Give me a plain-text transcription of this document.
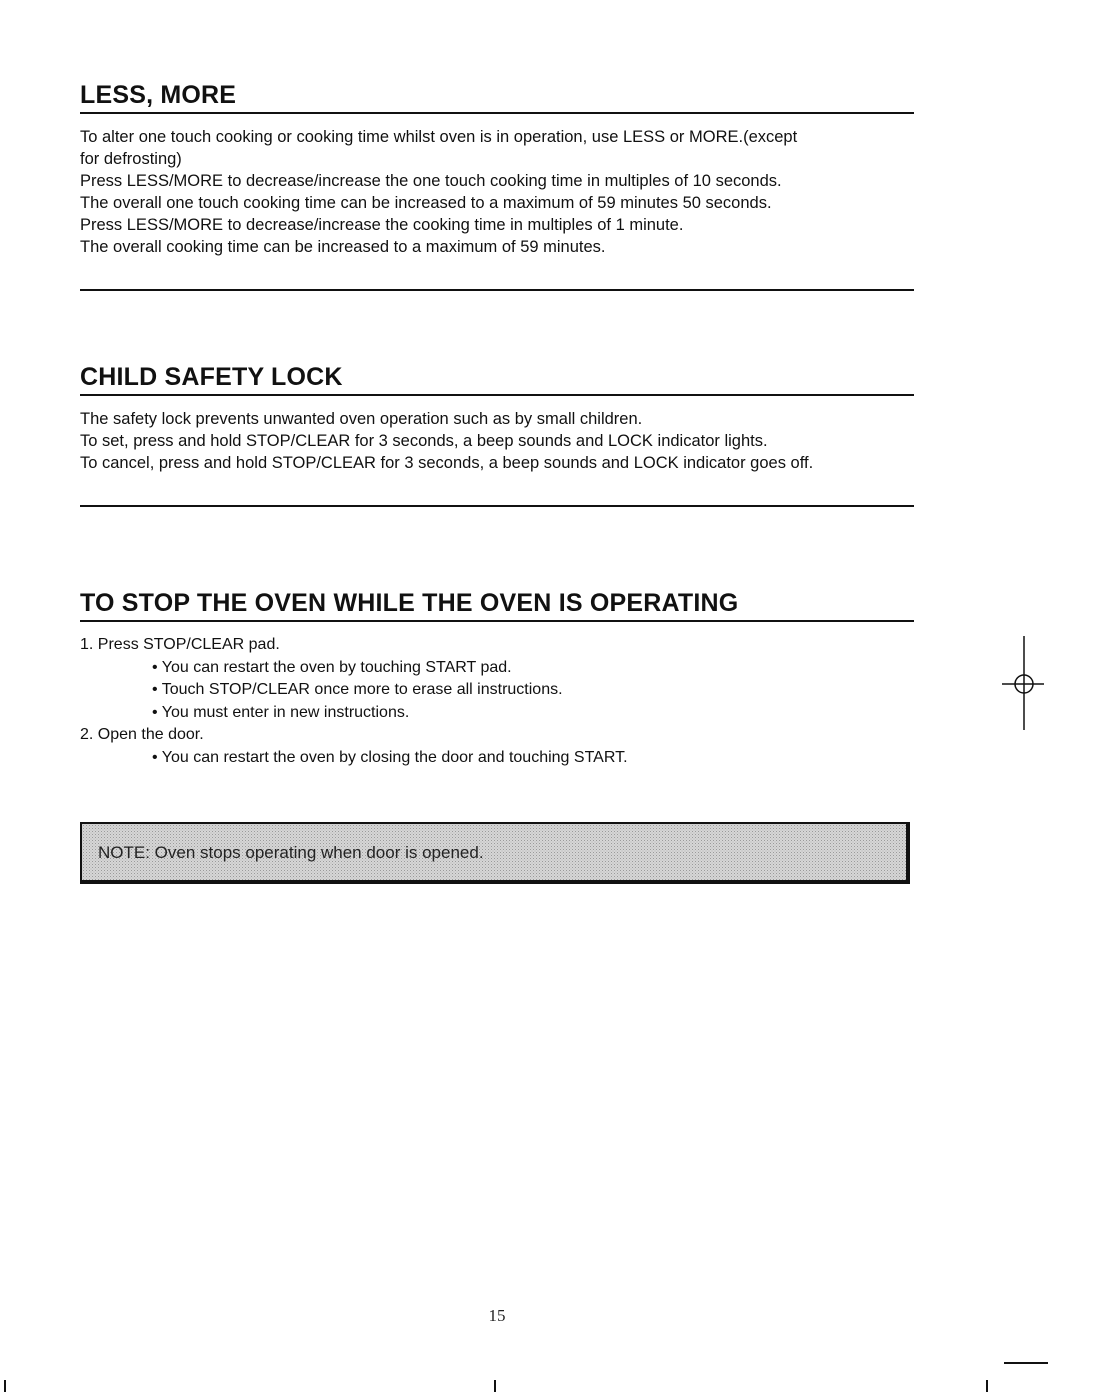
LESS, MORE

To alter one touch cooking or cooking time whilst oven is in operation, use LESS or MORE.(except

for defrosting)

Press LESS/MORE to decrease/increase the one touch cooking time in multiples of 10 seconds.

The overall one touch cooking time can be increased to a maximum of 59 minutes 50 seconds.

Press LESS/MORE to decrease/increase the cooking time in multiples of 1 minute.

The overall cooking time can be increased to a maximum of 59 minutes.

CHILD SAFETY LOCK

The safety lock prevents unwanted oven operation such as by small children.

To set, press and hold STOP/CLEAR for 3 seconds, a beep sounds and LOCK indicator lights.

To cancel, press and hold STOP/CLEAR for 3 seconds, a beep sounds and LOCK indicator goes off.

TO STOP THE OVEN WHILE THE OVEN IS OPERATING

1. Press STOP/CLEAR pad.

• You can restart the oven by touching START pad.

• Touch STOP/CLEAR once more to erase all instructions.

• You must enter in new instructions.

2. Open the door.

• You can restart the oven by closing the door and touching START.

NOTE: Oven stops operating when door is opened.
15
